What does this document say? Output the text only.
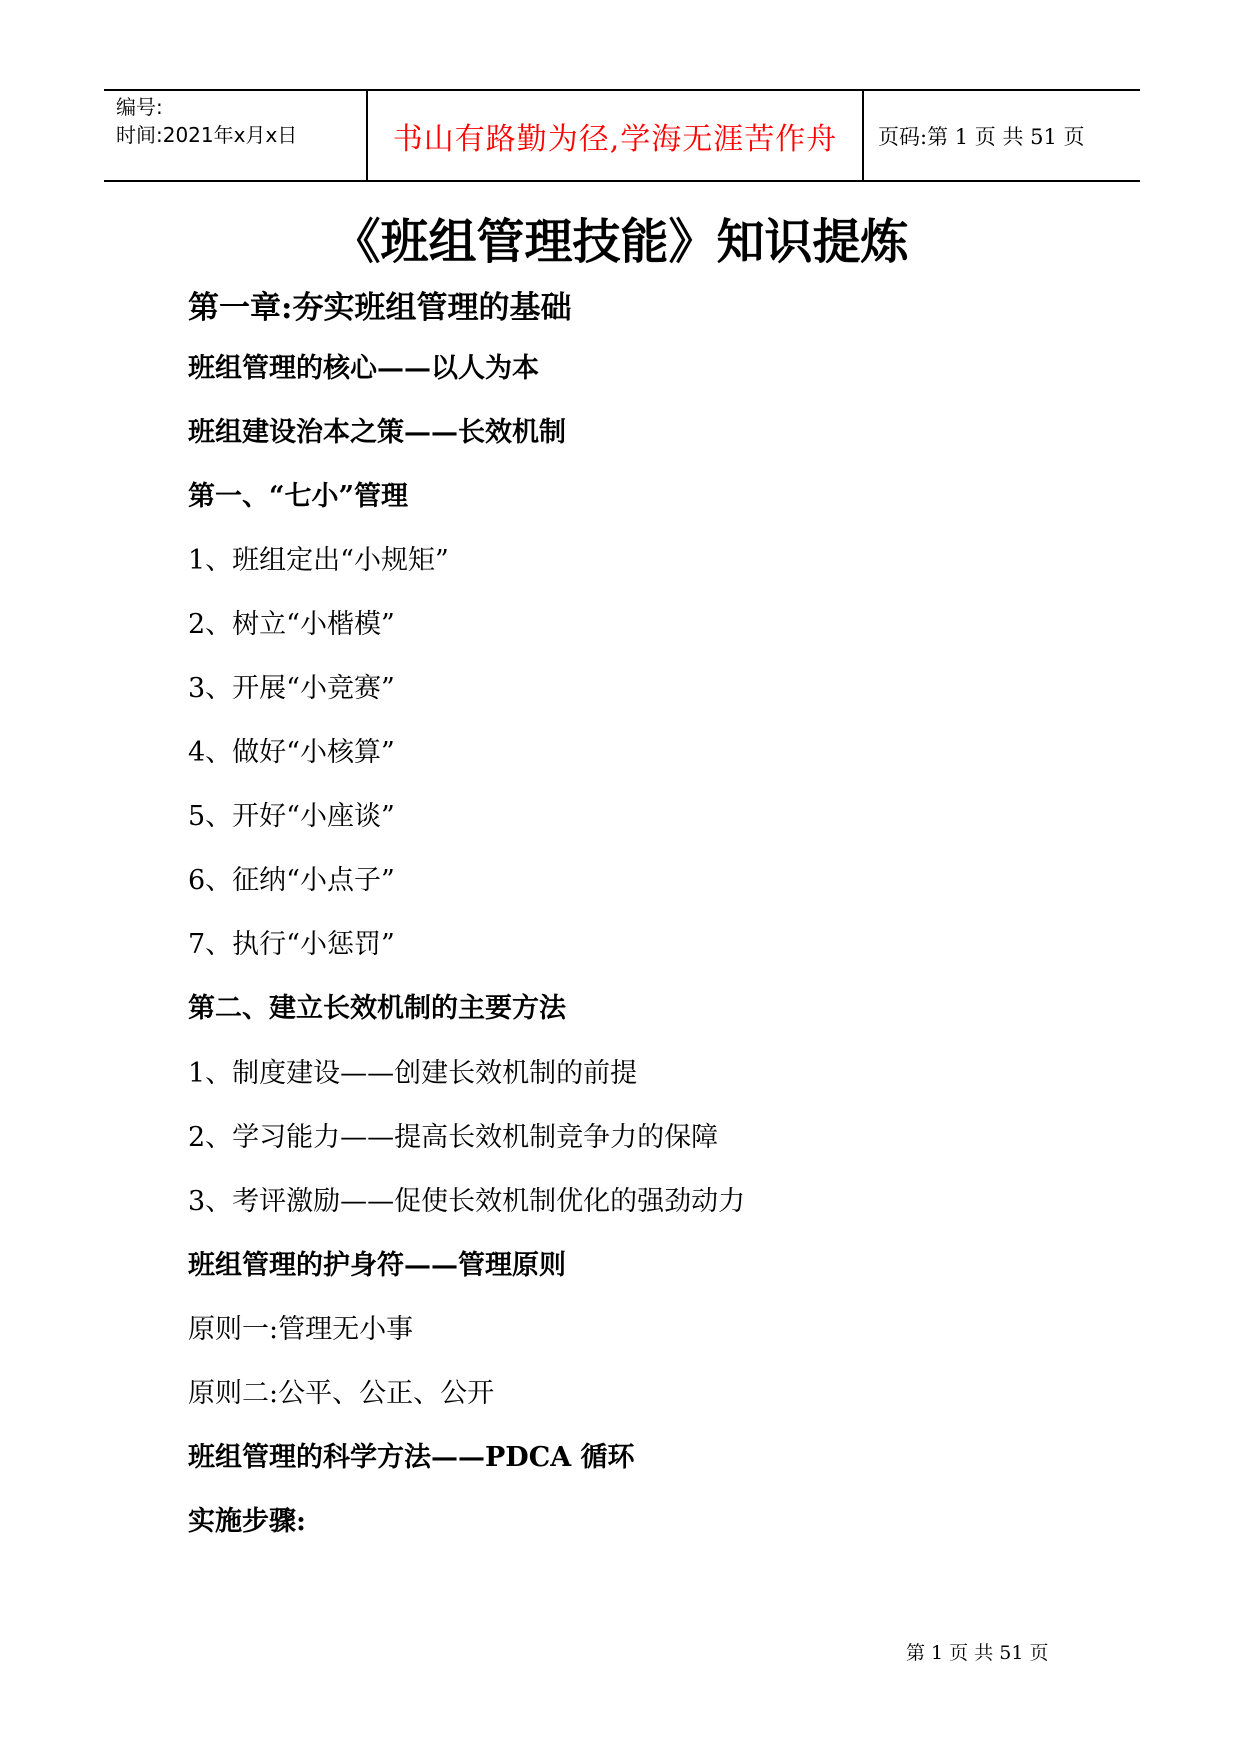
编号:
时间:2021年x月x日	书山有路勤为径,学海无涯苦作舟 页码:第 1 页 共 51 页
《班组管理技能》知识提炼
第一章:夯实班组管理的基础
班组管理的核心——以人为本
班组建设治本之策——长效机制
第一、“七小”管理
1、班组定出“小规矩”
2、树立“小楷模”
3、开展“小竞赛”
4、做好“小核算”
5、开好“小座谈”
6、征纳“小点子”
7、执行“小惩罚”
第二、建立长效机制的主要方法
1、制度建设——创建长效机制的前提
2、学习能力——提高长效机制竞争力的保障
3、考评激励——促使长效机制优化的强劲动力
班组管理的护身符——管理原则
原则一:管理无小事
原则二:公平、公正、公开
班组管理的科学方法——PDCA 循环
实施步骤:
第 1 页 共 51 页
